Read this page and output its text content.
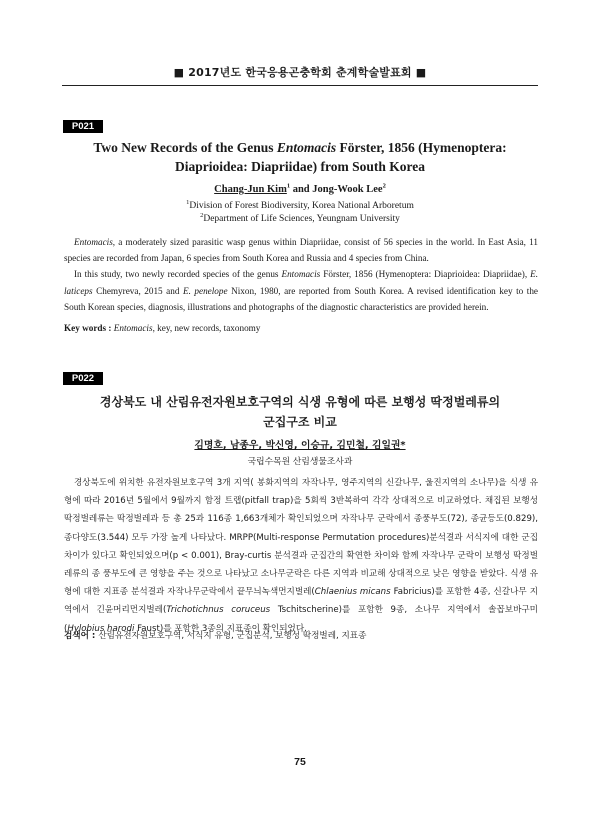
■ 2017년도 한국응용곤충학회 춘계학술발표회 ■
P021
Two New Records of the Genus Entomacis Förster, 1856 (Hymenoptera: Diaprioidea: Diapriidae) from South Korea
Chang-Jun Kim$^1$ and Jong-Wook Lee$^2$
$^1$Division of Forest Biodiversity, Korea National Arboretum
$^2$Department of Life Sciences, Yeungnam University

Entomacis, a moderately sized parasitic wasp genus within Diapriidae, consist of 56 species in the world. In East Asia, 11 species are recorded from Japan, 6 species from South Korea and Russia and 4 species from China.

In this study, two newly recorded species of the genus Entomacis Förster, 1856 (Hymenoptera: Diaprioidea: Diapriidae), E. laticeps Chemyreva, 2015 and E. penelope Nixon, 1980, are reported from South Korea. A revised identification key to the South Korean species, diagnosis, illustrations and photographs of the diagnostic characteristics are provided herein.

Key words : Entomacis, key, new records, taxonomy
P022
경상북도 내 산림유전자원보호구역의 식생 유형에 따른 보행성 딱정벌레류의
군집구조 비교
김명호, 남종우, 박신영, 이승규, 김민철, 김일권*
국립수목원 산림생물조사과

경상북도에 위치한 유전자원보호구역 3개 지역( 봉화지역의 자작나무, 영주지역의 신갈나무, 울진지역의 소나무)을 식생 유형에 따라 2016년 5월에서 9월까지 함정 트랩(pitfall trap)을 5회씩 3반복하여 각각 상대적으로 비교하였다. 채집된 보행성 딱정벌레류는 딱정벌레과 등 총 25과 116종 1,663개체가 확인되었으며 자작나무 군락에서 종풍부도(72), 종균등도(0.829), 종다양도(3.544) 모두 가장 높게 나타났다. MRPP(Multi-response Permutation procedures)분석결과 서식지에 대한 군집차이가 있다고 확인되었으며(p < 0.001), Bray-curtis 분석결과 군집간의 확연한 차이와 함께 자작나무 군락이 보행성 딱정벌레류의 종 풍부도에 큰 영향을 주는 것으로 나타났고 소나무군락은 다른 지역과 비교해 상대적으로 낮은 영향을 받았다. 식생 유형에 대한 지표종 분석결과 자작나무군락에서 끝무늬녹색먼지벌레(Chlaenius micans Fabricius)를 포함한 4종, 신갈나무 지역에서 긴윤머리먼지벌레(Trichotichnus coruceus Tschitscherine)를 포함한 9종, 소나무 지역에서 솔꼽보바구미(Hylobius harodi Faust)를 포함한 3종의 지표종이 확인되었다.

검색어 : 산림유전자원보호구역, 서식지 유형, 군집분석, 보행성 딱정벌레, 지표종
75
